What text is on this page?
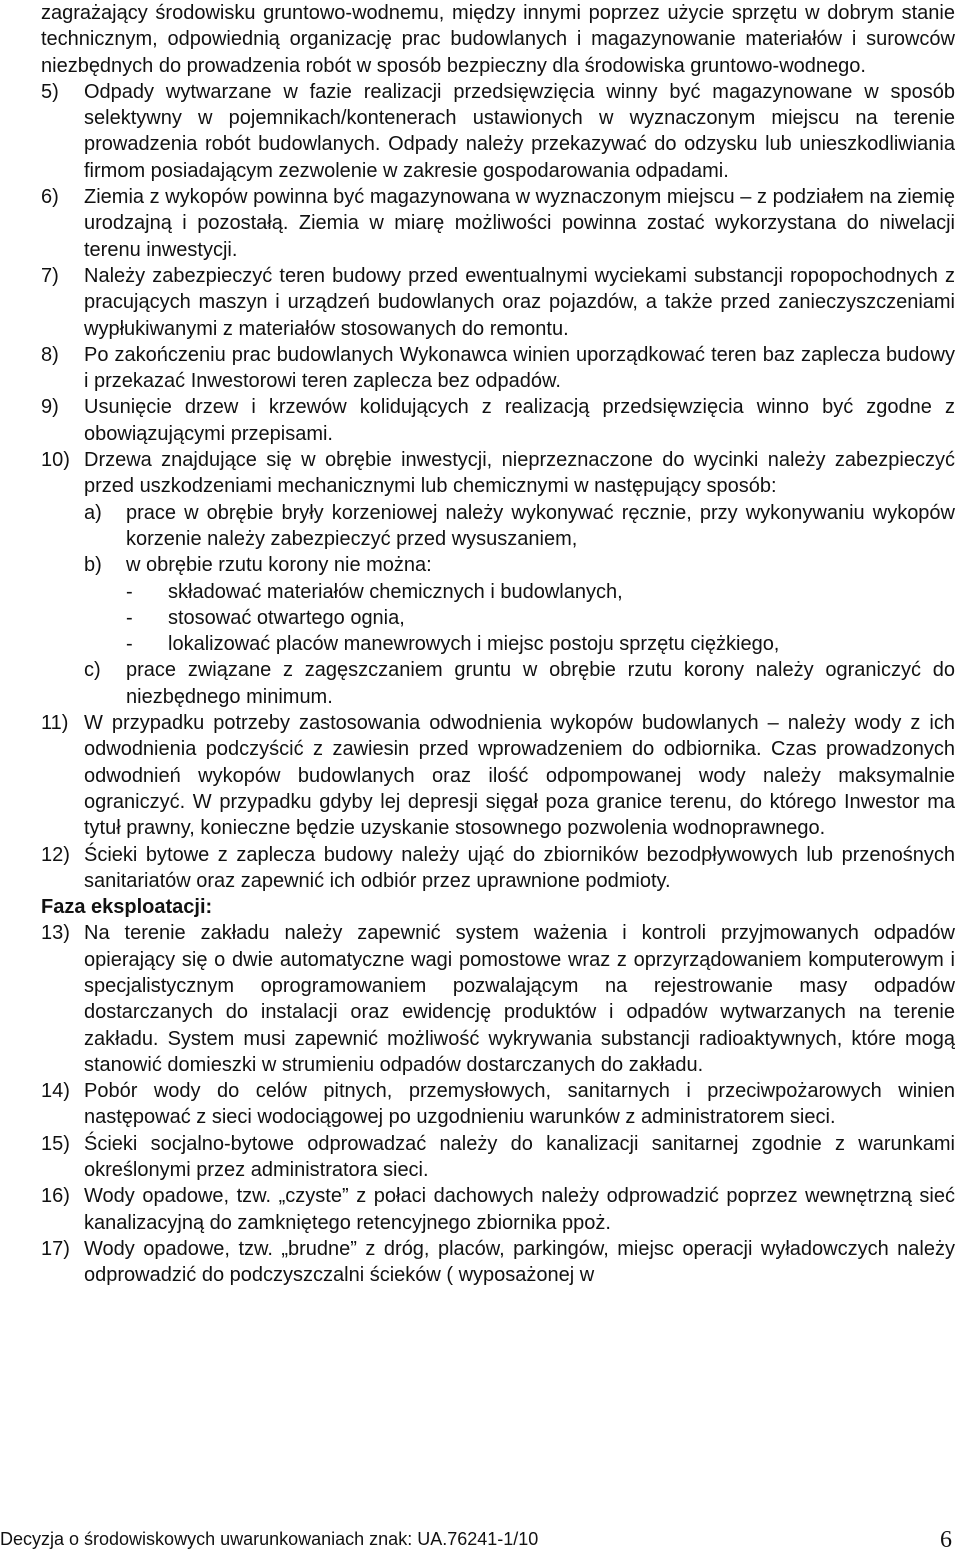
zagrażający środowisku gruntowo-wodnemu, między innymi poprzez użycie sprzętu w dobrym stanie technicznym, odpowiednią organizację prac budowlanych i magazynowanie materiałów i surowców niezbędnych do prowadzenia robót w sposób bezpieczny dla środowiska gruntowo-wodnego.

5) Odpady wytwarzane w fazie realizacji przedsięwzięcia winny być magazynowane w sposób selektywny w pojemnikach/kontenerach ustawionych w wyznaczonym miejscu na terenie prowadzenia robót budowlanych. Odpady należy przekazywać do odzysku lub unieszkodliwiania firmom posiadającym zezwolenie w zakresie gospodarowania odpadami.
6) Ziemia z wykopów powinna być magazynowana w wyznaczonym miejscu – z podziałem na ziemię urodzajną i pozostałą. Ziemia w miarę możliwości powinna zostać wykorzystana do niwelacji terenu inwestycji.
7) Należy zabezpieczyć teren budowy przed ewentualnymi wyciekami substancji ropopochodnych z pracujących maszyn i urządzeń budowlanych oraz pojazdów, a także przed zanieczyszczeniami wypłukiwanymi z materiałów stosowanych do remontu.
8) Po zakończeniu prac budowlanych Wykonawca winien uporządkować teren baz zaplecza budowy i przekazać Inwestorowi teren zaplecza bez odpadów.
9) Usunięcie drzew i krzewów kolidujących z realizacją przedsięwzięcia winno być zgodne z obowiązującymi przepisami.
10) Drzewa znajdujące się w obrębie inwestycji, nieprzeznaczone do wycinki należy zabezpieczyć przed uszkodzeniami mechanicznymi lub chemicznymi w następujący sposób:
a) prace w obrębie bryły korzeniowej należy wykonywać ręcznie, przy wykonywaniu wykopów korzenie należy zabezpieczyć przed wysuszaniem,
b) w obrębie rzutu korony nie można:
- składować materiałów chemicznych i budowlanych,
- stosować otwartego ognia,
- lokalizować placów manewrowych i miejsc postoju sprzętu ciężkiego,
c) prace związane z zagęszczaniem gruntu w obrębie rzutu korony należy ograniczyć do niezbędnego minimum.
11) W przypadku potrzeby zastosowania odwodnienia wykopów budowlanych – należy wody z ich odwodnienia podczyścić z zawiesin przed wprowadzeniem do odbiornika. Czas prowadzonych odwodnień wykopów budowlanych oraz ilość odpompowanej wody należy maksymalnie ograniczyć. W przypadku gdyby lej depresji sięgał poza granice terenu, do którego Inwestor ma tytuł prawny, konieczne będzie uzyskanie stosownego pozwolenia wodnoprawnego.
12) Ścieki bytowe z zaplecza budowy należy ująć do zbiorników bezodpływowych lub przenośnych sanitariatów oraz zapewnić ich odbiór przez uprawnione podmioty.

Faza eksploatacji:

13) Na terenie zakładu należy zapewnić system ważenia i kontroli przyjmowanych odpadów opierający się o dwie automatyczne wagi pomostowe wraz z oprzyrządowaniem komputerowym i specjalistycznym oprogramowaniem pozwalającym na rejestrowanie masy odpadów dostarczanych do instalacji oraz ewidencję produktów i odpadów wytwarzanych na terenie zakładu. System musi zapewnić możliwość wykrywania substancji radioaktywnych, które mogą stanowić domieszki w strumieniu odpadów dostarczanych do zakładu.
14) Pobór wody do celów pitnych, przemysłowych, sanitarnych i przeciwpożarowych winien następować z sieci wodociągowej po uzgodnieniu warunków z administratorem sieci.
15) Ścieki socjalno-bytowe odprowadzać należy do kanalizacji sanitarnej zgodnie z warunkami określonymi przez administratora sieci.
16) Wody opadowe, tzw. „czyste” z połaci dachowych należy odprowadzić poprzez wewnętrzną sieć kanalizacyjną do zamkniętego retencyjnego zbiornika ppoż.
17) Wody opadowe, tzw. „brudne” z dróg, placów, parkingów, miejsc operacji wyładowczych należy odprowadzić do podczyszczalni ścieków ( wyposażonej w
Decyzja o środowiskowych uwarunkowaniach znak: UA.76241-1/10	6
